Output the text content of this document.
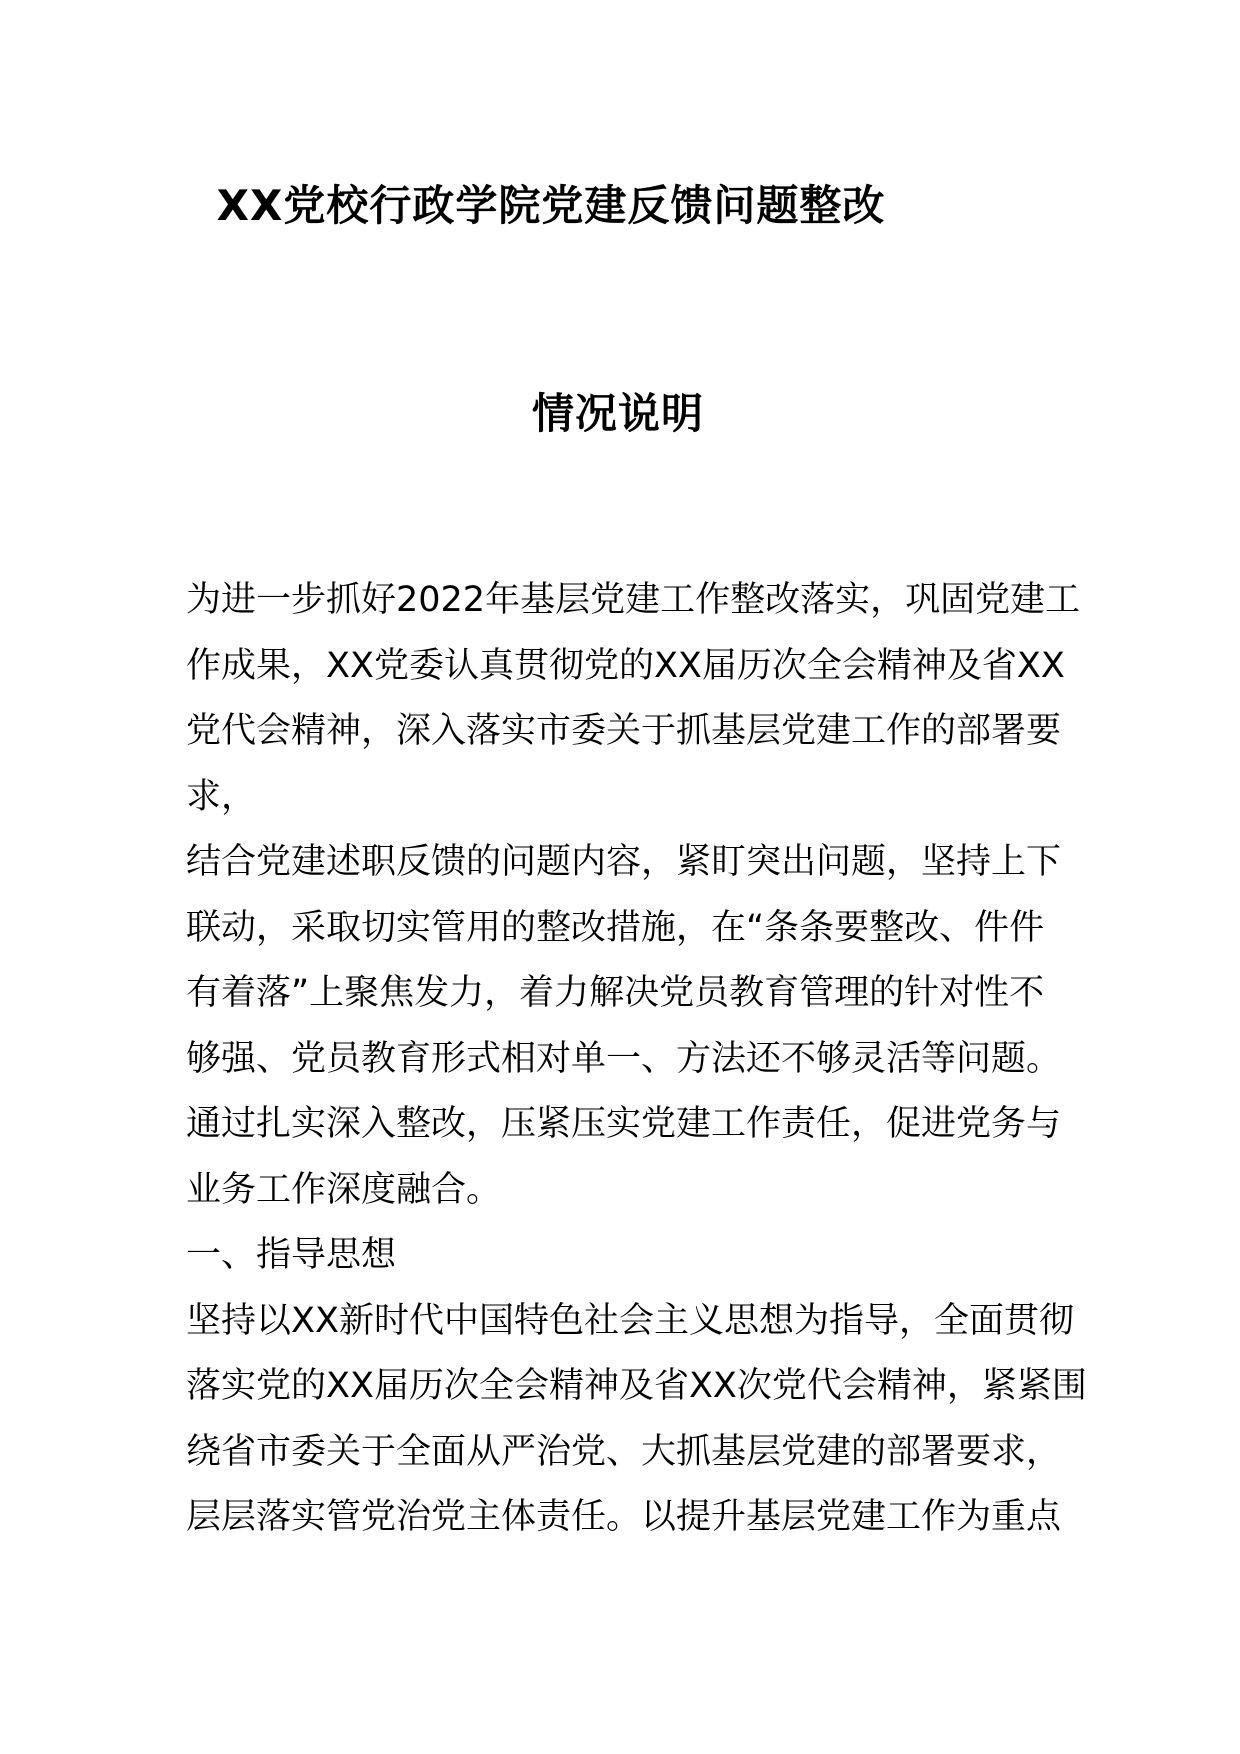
XX党校行政学院党建反馈问题整改
情况说明

为进一步抓好2022年基层党建工作整改落实，巩固党建工

作成果，XX党委认真贯彻党的XX届历次全会精神及省XX

党代会精神，深入落实市委关于抓基层党建工作的部署要

求，

结合党建述职反馈的问题内容，紧盯突出问题，坚持上下

联动，采取切实管用的整改措施，在“条条要整改、件件

有着落”上聚焦发力，着力解决党员教育管理的针对性不

够强、党员教育形式相对单一、方法还不够灵活等问题。

通过扎实深入整改，压紧压实党建工作责任，促进党务与

业务工作深度融合。

一、指导思想

坚持以XX新时代中国特色社会主义思想为指导，全面贯彻

落实党的XX届历次全会精神及省XX次党代会精神，紧紧围

绕省市委关于全面从严治党、大抓基层党建的部署要求，

层层落实管党治党主体责任。以提升基层党建工作为重点
